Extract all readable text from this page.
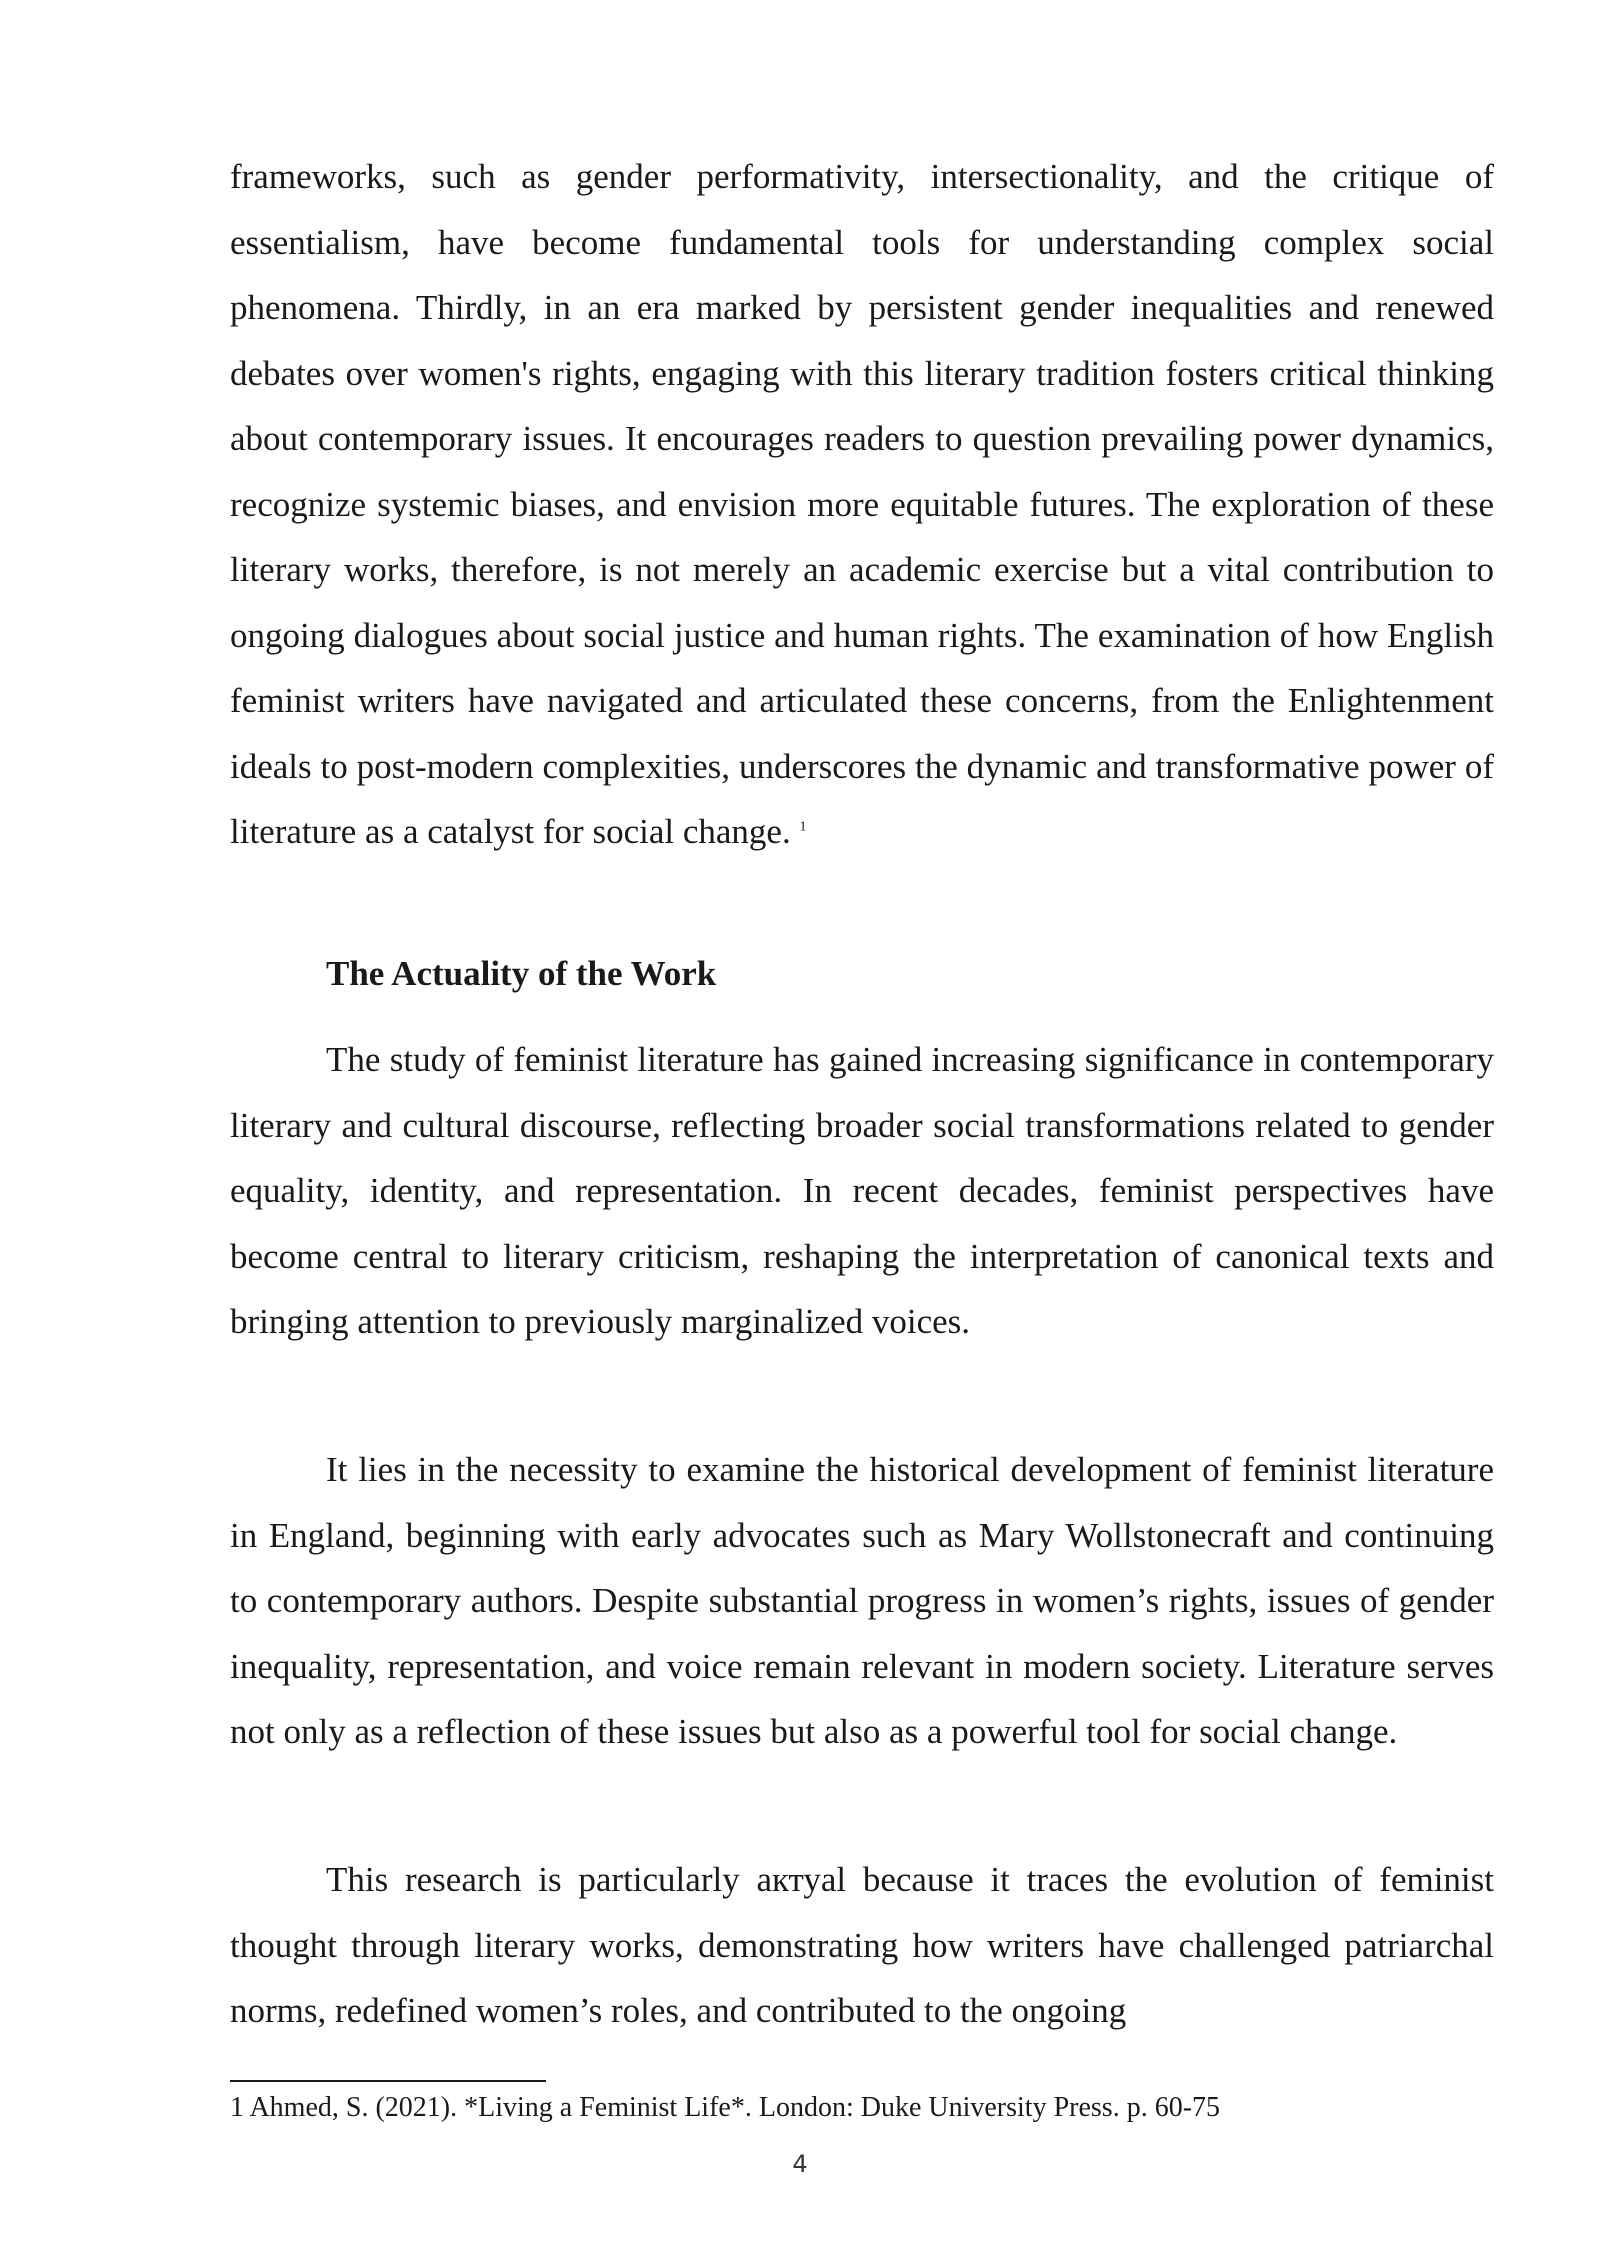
frameworks, such as gender performativity, intersectionality, and the critique of essentialism, have become fundamental tools for understanding complex social phenomena. Thirdly, in an era marked by persistent gender inequalities and renewed debates over women's rights, engaging with this literary tradition fosters critical thinking about contemporary issues. It encourages readers to question prevailing power dynamics, recognize systemic biases, and envision more equitable futures. The exploration of these literary works, therefore, is not merely an academic exercise but a vital contribution to ongoing dialogues about social justice and human rights. The examination of how English feminist writers have navigated and articulated these concerns, from the Enlightenment ideals to post-modern complexities, underscores the dynamic and transformative power of literature as a catalyst for social change. $^1$

The Actuality of the Work

The study of feminist literature has gained increasing significance in contemporary literary and cultural discourse, reflecting broader social transformations related to gender equality, identity, and representation. In recent decades, feminist perspectives have become central to literary criticism, reshaping the interpretation of canonical texts and bringing attention to previously marginalized voices.

It lies in the necessity to examine the historical development of feminist literature in England, beginning with early advocates such as Mary Wollstonecraft and continuing to contemporary authors. Despite substantial progress in women’s rights, issues of gender inequality, representation, and voice remain relevant in modern society. Literature serves not only as a reflection of these issues but also as a powerful tool for social change.

This research is particularly актуal because it traces the evolution of feminist thought through literary works, demonstrating how writers have challenged patriarchal norms, redefined women’s roles, and contributed to the ongoing

1 Ahmed, S. (2021). *Living a Feminist Life*. London: Duke University Press. p. 60-75

4
